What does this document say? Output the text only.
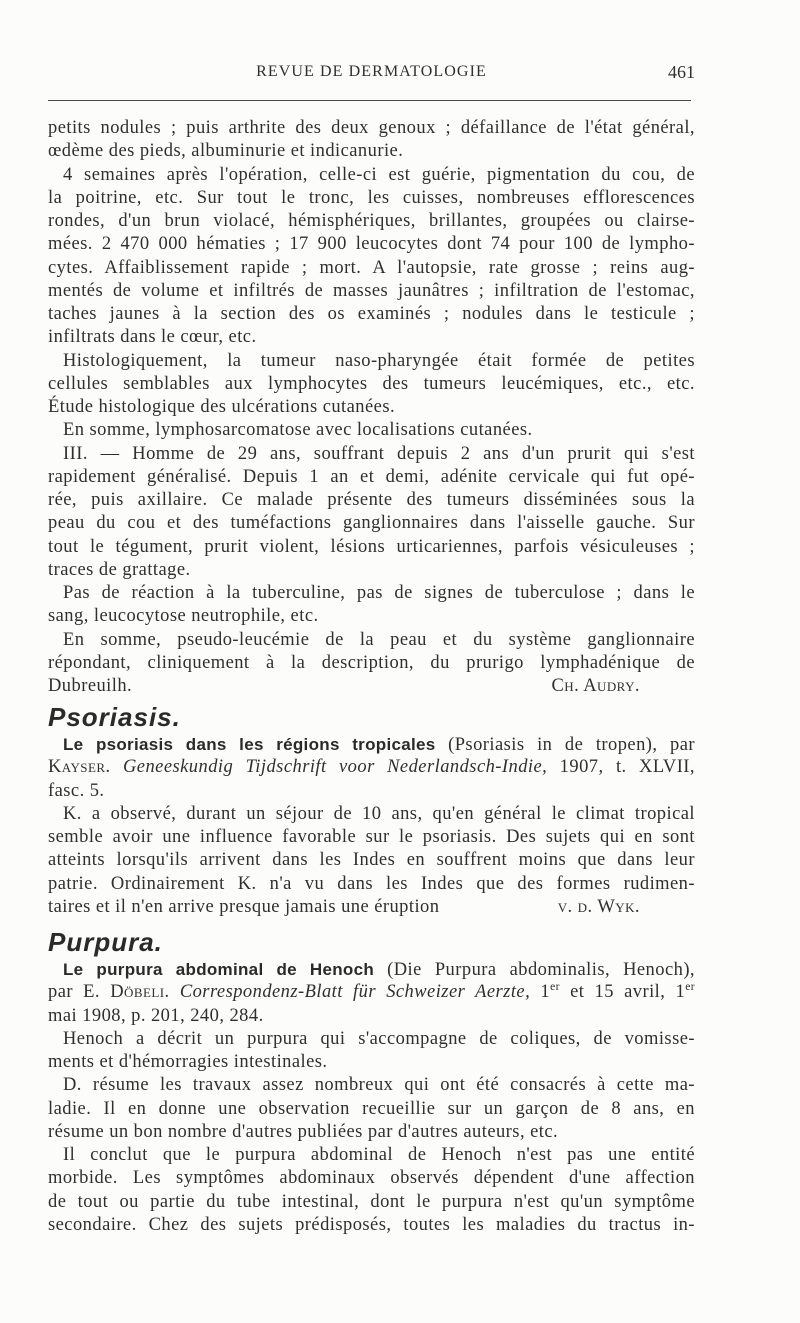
REVUE DE DERMATOLOGIE	461
petits nodules ; puis arthrite des deux genoux ; défaillance de l'état général,
œdème des pieds, albuminurie et indicanurie.
4 semaines après l'opération, celle-ci est guérie, pigmentation du cou, de
la poitrine, etc. Sur tout le tronc, les cuisses, nombreuses efflorescences
rondes, d'un brun violacé, hémisphériques, brillantes, groupées ou clairse-
mées. 2 470 000 hématies ; 17 900 leucocytes dont 74 pour 100 de lympho-
cytes. Affaiblissement rapide ; mort. A l'autopsie, rate grosse ; reins aug-
mentés de volume et infiltrés de masses jaunâtres ; infiltration de l'estomac,
taches jaunes à la section des os examinés ; nodules dans le testicule ;
infiltrats dans le cœur, etc.
Histologiquement, la tumeur naso-pharyngée était formée de petites
cellules semblables aux lymphocytes des tumeurs leucémiques, etc., etc.
Étude histologique des ulcérations cutanées.
En somme, lymphosarcomatose avec localisations cutanées.
III. — Homme de 29 ans, souffrant depuis 2 ans d'un prurit qui s'est
rapidement généralisé. Depuis 1 an et demi, adénite cervicale qui fut opé-
rée, puis axillaire. Ce malade présente des tumeurs disséminées sous la
peau du cou et des tuméfactions ganglionnaires dans l'aisselle gauche. Sur
tout le tégument, prurit violent, lésions urticariennes, parfois vésiculeuses ;
traces de grattage.
Pas de réaction à la tuberculine, pas de signes de tuberculose ; dans le
sang, leucocytose neutrophile, etc.
En somme, pseudo-leucémie de la peau et du système ganglionnaire
répondant, cliniquement à la description, du prurigo lymphadénique de
Dubreuilh.	Ch. Audry.
Psoriasis.
Le psoriasis dans les régions tropicales (Psoriasis in de tropen), par
Kayser. Geneeskundig Tijdschrift voor Nederlandsch-Indie, 1907, t. XLVII,
fasc. 5.
K. a observé, durant un séjour de 10 ans, qu'en général le climat tropical
semble avoir une influence favorable sur le psoriasis. Des sujets qui en sont
atteints lorsqu'ils arrivent dans les Indes en souffrent moins que dans leur
patrie. Ordinairement K. n'a vu dans les Indes que des formes rudimen-
taires et il n'en arrive presque jamais une éruption	v. d. Wyk.
Purpura.
Le purpura abdominal de Henoch (Die Purpura abdominalis, Henoch),
par E. Döbeli. Correspondenz-Blatt für Schweizer Aerzte, 1er et 15 avril, 1er
mai 1908, p. 201, 240, 284.
Henoch a décrit un purpura qui s'accompagne de coliques, de vomisse-
ments et d'hémorragies intestinales.
D. résume les travaux assez nombreux qui ont été consacrés à cette ma-
ladie. Il en donne une observation recueillie sur un garçon de 8 ans, en
résume un bon nombre d'autres publiées par d'autres auteurs, etc.
Il conclut que le purpura abdominal de Henoch n'est pas une entité
morbide. Les symptômes abdominaux observés dépendent d'une affection
de tout ou partie du tube intestinal, dont le purpura n'est qu'un symptôme
secondaire. Chez des sujets prédisposés, toutes les maladies du tractus in-
